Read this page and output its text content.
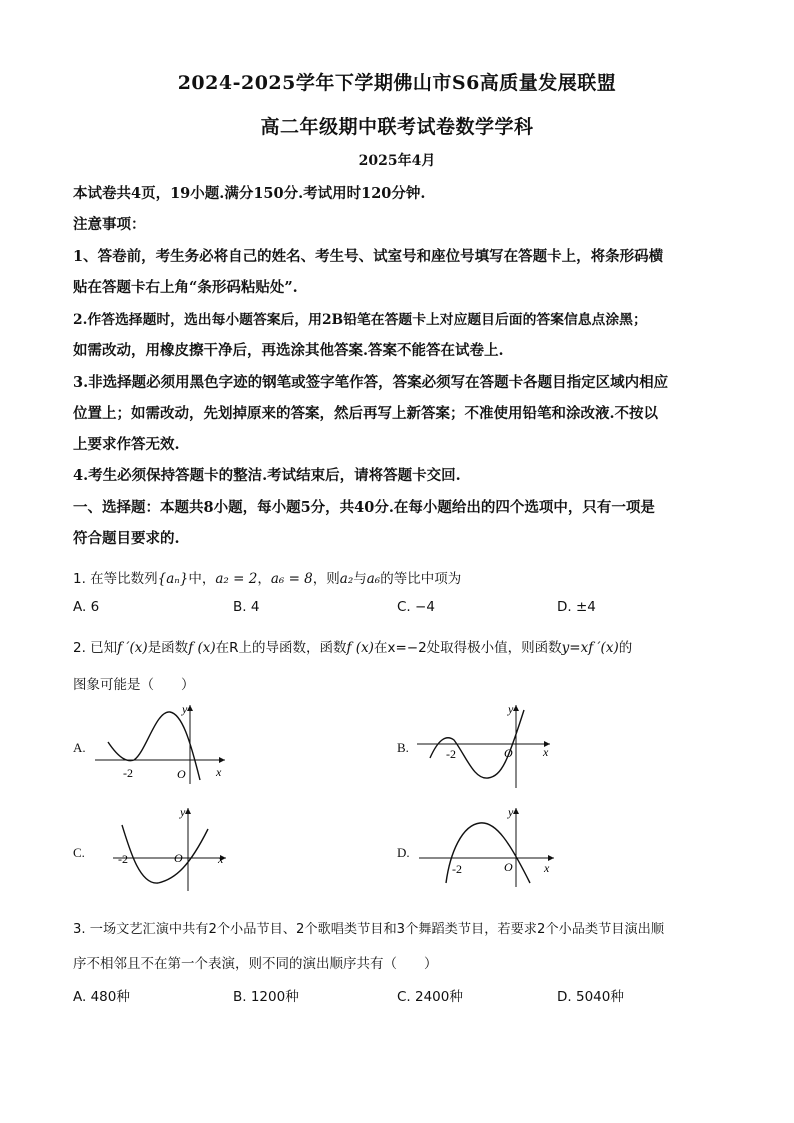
2024-2025学年下学期佛山市S6高质量发展联盟
高二年级期中联考试卷数学学科
2025年4月
本试卷共4页，19小题.满分150分.考试用时120分钟.
注意事项：
1、答卷前，考生务必将自己的姓名、考生号、试室号和座位号填写在答题卡上，将条形码横
贴在答题卡右上角“条形码粘贴处”.
2.作答选择题时，选出每小题答案后，用2B铅笔在答题卡上对应题目后面的答案信息点涂黑；
如需改动，用橡皮擦干净后，再选涂其他答案.答案不能答在试卷上.
3.非选择题必须用黑色字迹的钢笔或签字笔作答，答案必须写在答题卡各题目指定区域内相应
位置上；如需改动，先划掉原来的答案，然后再写上新答案；不准使用铅笔和涂改液.不按以
上要求作答无效.
4.考生必须保持答题卡的整洁.考试结束后，请将答题卡交回.
一、选择题：本题共8小题，每小题5分，共40分.在每小题给出的四个选项中，只有一项是
符合题目要求的.
1. 在等比数列{aₙ}中，a₂ = 2，a₆ = 8，则a₂与a₆的等比中项为
A. 6	B. 4	C. −4	D. ±4
2. 已知f ′(x)是函数f (x)在R上的导函数，函数f (x)在x=−2处取得极小值，则函数y=xf ′(x)的
图象可能是（　　）
A.
-2	O	x
y
B.	-2	O	x
y
C.	-2	O	x
y
D.
-2	O	x
y
3. 一场文艺汇演中共有2个小品节目、2个歌唱类节目和3个舞蹈类节目，若要求2个小品类节目演出顺
序不相邻且不在第一个表演，则不同的演出顺序共有（　　）
A. 480种	B. 1200种	C. 2400种	D. 5040种
